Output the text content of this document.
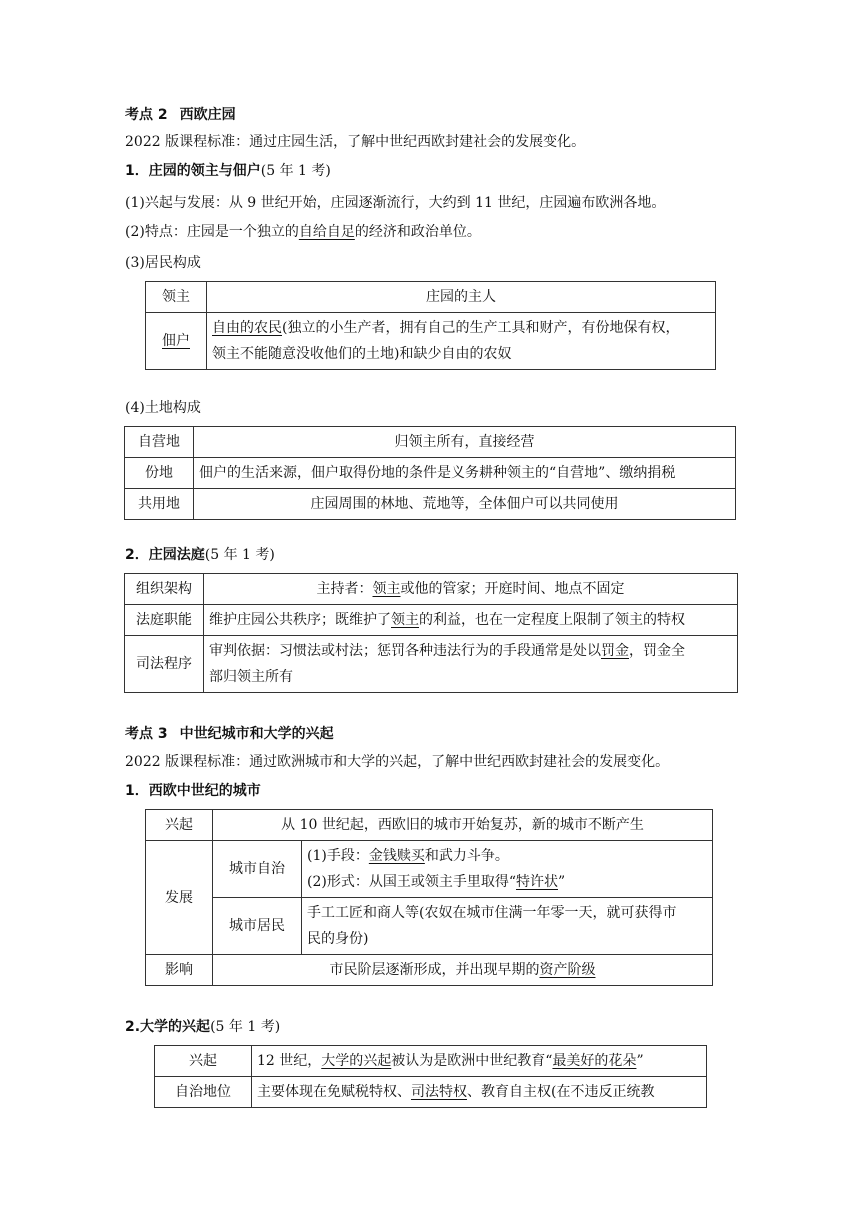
考点 2 西欧庄园
2022 版课程标准：通过庄园生活，了解中世纪西欧封建社会的发展变化。
1．庄园的领主与佃户(5 年 1 考)
(1)兴起与发展：从 9 世纪开始，庄园逐渐流行，大约到 11 世纪，庄园遍布欧洲各地。
(2)特点：庄园是一个独立的自给自足的经济和政治单位。
(3)居民构成
领主	庄园的主人
佃户	自由的农民(独立的小生产者，拥有自己的生产工具和财产，有份地保有权，
领主不能随意没收他们的土地)和缺少自由的农奴
(4)土地构成
自营地	归领主所有，直接经营
份地	佃户的生活来源，佃户取得份地的条件是义务耕种领主的“自营地”、缴纳捐税
共用地	庄园周围的林地、荒地等，全体佃户可以共同使用
2．庄园法庭(5 年 1 考)
组织架构	主持者：领主或他的管家；开庭时间、地点不固定
法庭职能	维护庄园公共秩序；既维护了领主的利益，也在一定程度上限制了领主的特权
司法程序	审判依据：习惯法或村法；惩罚各种违法行为的手段通常是处以罚金，罚金全
部归领主所有
考点 3 中世纪城市和大学的兴起
2022 版课程标准：通过欧洲城市和大学的兴起，了解中世纪西欧封建社会的发展变化。
1．西欧中世纪的城市
兴起	从 10 世纪起，西欧旧的城市开始复苏，新的城市不断产生	
发展	城市自治	(1)手段：金钱赎买和武力斗争。
(2)形式：从国王或领主手里取得“特许状”
	城市居民	手工工匠和商人等(农奴在城市住满一年零一天，就可获得市
民的身份)
影响	市民阶层逐渐形成，并出现早期的资产阶级	
2.大学的兴起(5 年 1 考)
兴起	12 世纪，大学的兴起被认为是欧洲中世纪教育“最美好的花朵”
自治地位	主要体现在免赋税特权、司法特权、教育自主权(在不违反正统教
